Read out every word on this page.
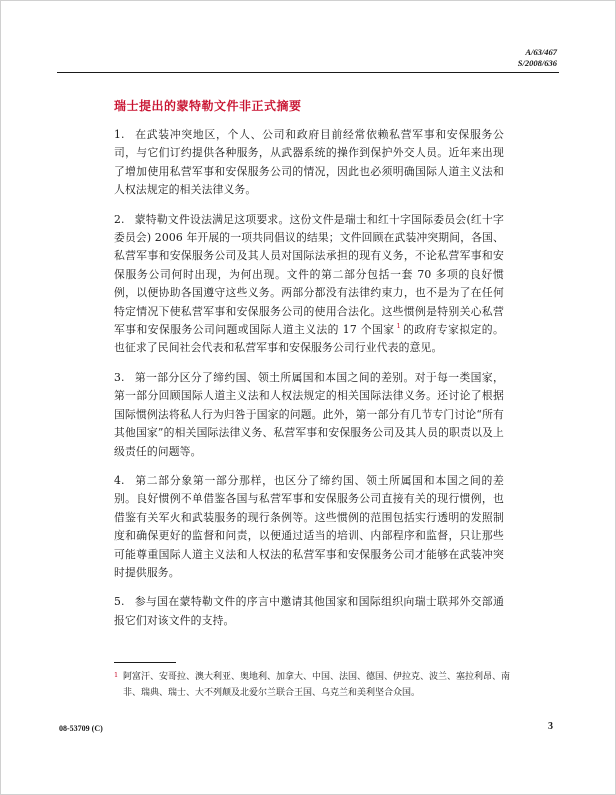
A/63/467
S/2008/636
瑞士提出的蒙特勒文件非正式摘要

1. 在武装冲突地区，个人、公司和政府目前经常依赖私营军事和安保服务公司，与它们订约提供各种服务，从武器系统的操作到保护外交人员。近年来出现了增加使用私营军事和安保服务公司的情况，因此也必须明确国际人道主义法和人权法规定的相关法律义务。

2. 蒙特勒文件设法满足这项要求。这份文件是瑞士和红十字国际委员会(红十字委员会) 2006 年开展的一项共同倡议的结果；文件回顾在武装冲突期间，各国、私营军事和安保服务公司及其人员对国际法承担的现有义务，不论私营军事和安保服务公司何时出现，为何出现。文件的第二部分包括一套 70 多项的良好惯例，以便协助各国遵守这些义务。两部分都没有法律约束力，也不是为了在任何特定情况下使私营军事和安保服务公司的使用合法化。这些惯例是特别关心私营军事和安保服务公司问题或国际人道主义法的 17 个国家 $^1$ 的政府专家拟定的。也征求了民间社会代表和私营军事和安保服务公司行业代表的意见。

3. 第一部分区分了缔约国、领土所属国和本国之间的差别。对于每一类国家，第一部分回顾国际人道主义法和人权法规定的相关国际法律义务。还讨论了根据国际惯例法将私人行为归咎于国家的问题。此外，第一部分有几节专门讨论“所有其他国家”的相关国际法律义务、私营军事和安保服务公司及其人员的职责以及上级责任的问题等。

4. 第二部分象第一部分那样，也区分了缔约国、领土所属国和本国之间的差别。良好惯例不单借鉴各国与私营军事和安保服务公司直接有关的现行惯例，也借鉴有关军火和武装服务的现行条例等。这些惯例的范围包括实行透明的发照制度和确保更好的监督和问责，以便通过适当的培训、内部程序和监督，只让那些可能尊重国际人道主义法和人权法的私营军事和安保服务公司才能够在武装冲突时提供服务。

5. 参与国在蒙特勒文件的序言中邀请其他国家和国际组织向瑞士联邦外交部通报它们对该文件的支持。

1 阿富汗、安哥拉、澳大利亚、奥地利、加拿大、中国、法国、德国、伊拉克、波兰、塞拉利昂、南非、瑞典、瑞士、大不列颠及北爱尔兰联合王国、乌克兰和美利坚合众国。
08-53709 (C)	3
